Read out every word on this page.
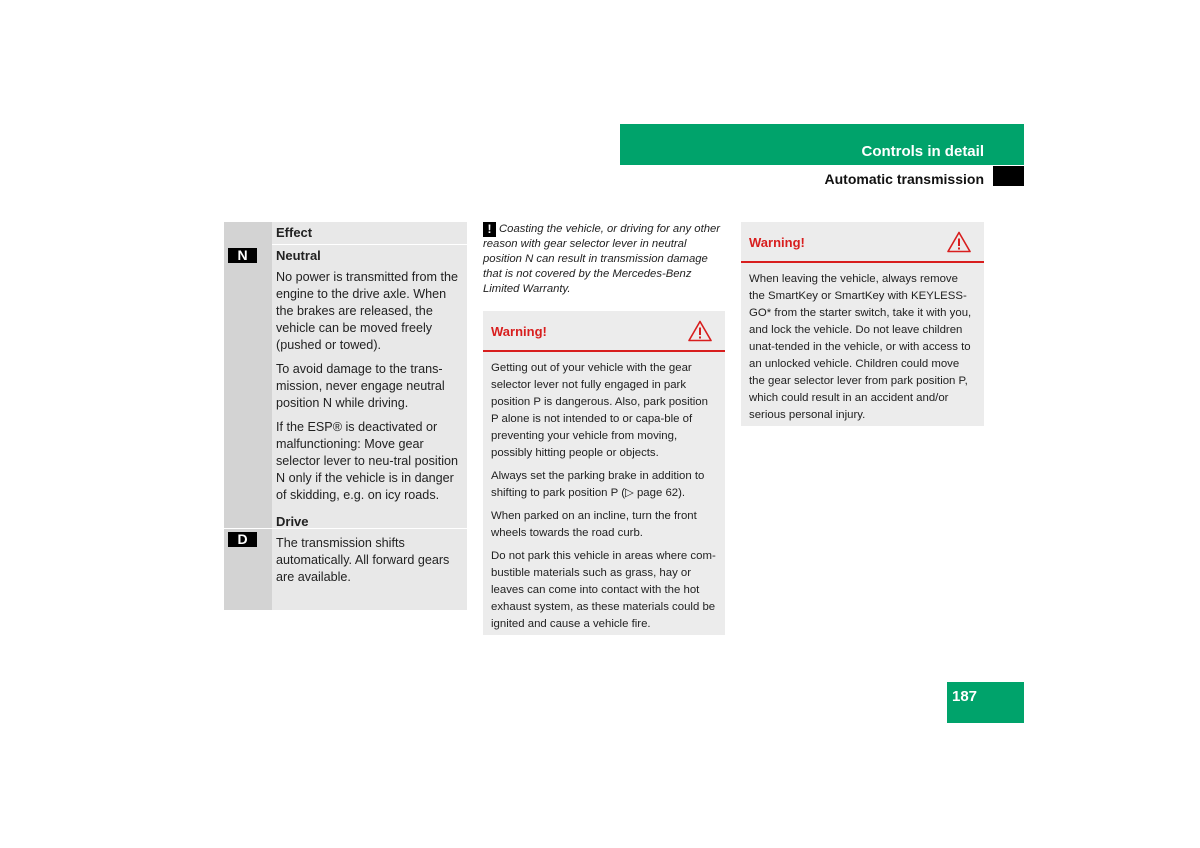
Controls in detail
Automatic transmission
N
D
Effect
Neutral

No power is transmitted from the engine to the drive axle. When the brakes are released, the vehicle can be moved freely (pushed or towed).

To avoid damage to the trans-mission, never engage neutral position N while driving.

If the ESP® is deactivated or malfunctioning: Move gear selector lever to neu-tral position N only if the vehicle is in danger of skidding, e.g. on icy roads.

Drive

The transmission shifts automatically. All forward gears are available.

! Coasting the vehicle, or driving for any other reason with gear selector lever in neutral position N can result in transmission damage that is not covered by the Mercedes-Benz Limited Warranty.
Warning!

Getting out of your vehicle with the gear selector lever not fully engaged in park position P is dangerous. Also, park position P alone is not intended to or capa-ble of preventing your vehicle from moving, possibly hitting people or objects.

Always set the parking brake in addition to shifting to park position P (▷ page 62).

When parked on an incline, turn the front wheels towards the road curb.

Do not park this vehicle in areas where com-bustible materials such as grass, hay or leaves can come into contact with the hot exhaust system, as these materials could be ignited and cause a vehicle fire.

Warning!

When leaving the vehicle, always remove the SmartKey or SmartKey with KEYLESS-GO* from the starter switch, take it with you, and lock the vehicle. Do not leave children unat-tended in the vehicle, or with access to an unlocked vehicle. Children could move the gear selector lever from park position P, which could result in an accident and/or serious personal injury.

187
